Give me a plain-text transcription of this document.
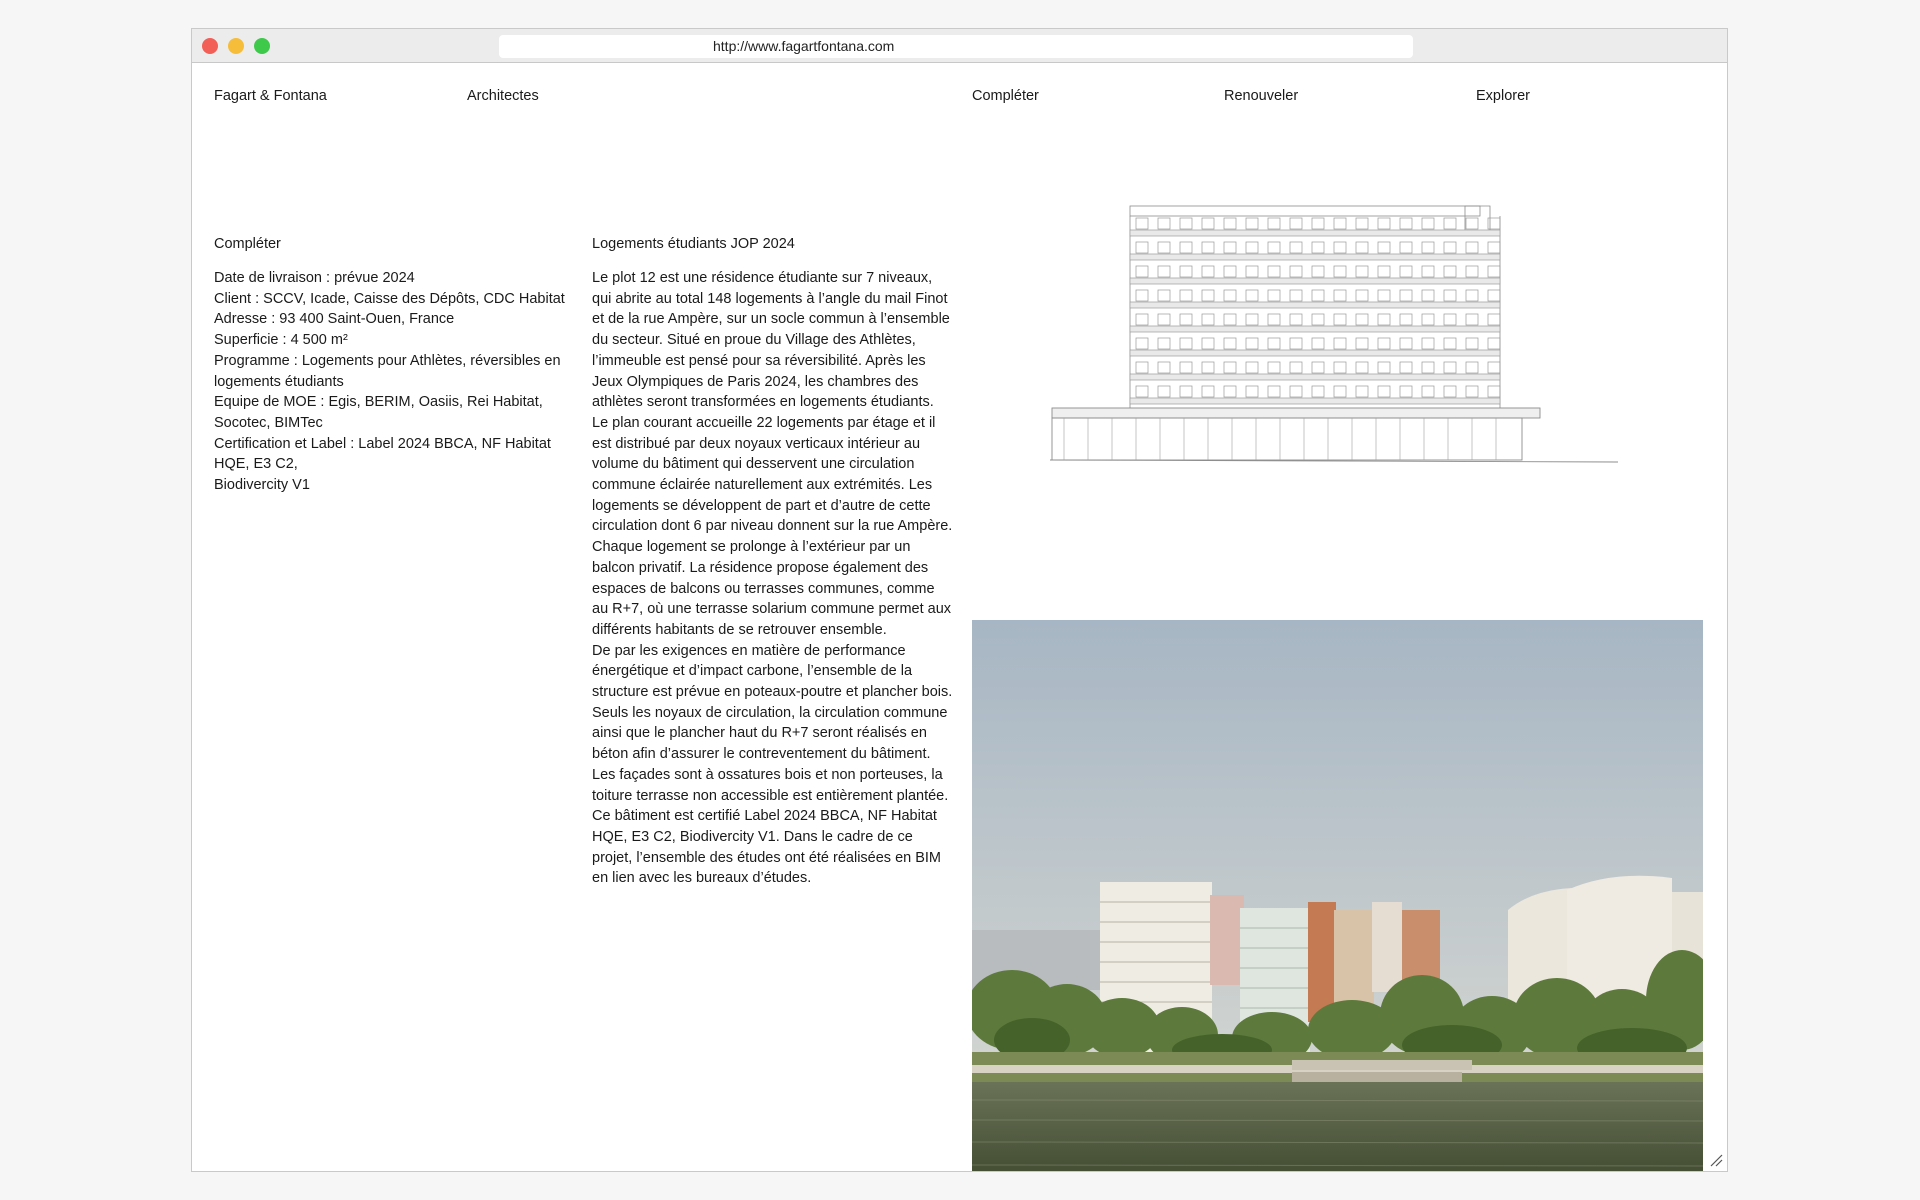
http://www.fagartfontana.com
Fagart & Fontana	Architectes	Compléter	Renouveler	Explorer
Compléter
Date de livraison : prévue 2024
Client : SCCV, Icade, Caisse des Dépôts, CDC Habitat
Adresse : 93 400 Saint-Ouen, France
Superficie : 4 500 m²
Programme : Logements pour Athlètes, réversibles en logements étudiants
Equipe de MOE : Egis, BERIM, Oasiis, Rei Habitat, Socotec, BIMTec
Certification et Label : Label 2024 BBCA, NF Habitat HQE, E3 C2,
Biodivercity V1
Logements étudiants JOP 2024

Le plot 12 est une résidence étudiante sur 7 niveaux, qui abrite au total 148 logements à l’angle du mail Finot et de la rue Ampère, sur un socle commun à l’ensemble du secteur. Situé en proue du Village des Athlètes, l’immeuble est pensé pour sa réversibilité. Après les Jeux Olympiques de Paris 2024, les chambres des athlètes seront transformées en logements étudiants.

Le plan courant accueille 22 logements par étage et il est distribué par deux noyaux verticaux intérieur au volume du bâtiment qui desservent une circulation commune éclairée naturellement aux extrémités. Les logements se développent de part et d’autre de cette circulation dont 6 par niveau donnent sur la rue Ampère. Chaque logement se prolonge à l’extérieur par un balcon privatif. La résidence propose également des espaces de balcons ou terrasses communes, comme au R+7, où une terrasse solarium commune permet aux différents habitants de se retrouver ensemble.

De par les exigences en matière de performance énergétique et d’impact carbone, l’ensemble de la structure est prévue en poteaux-poutre et plancher bois. Seuls les noyaux de circulation, la circulation commune ainsi que le plancher haut du R+7 seront réalisés en béton afin d’assurer le contreventement du bâtiment. Les façades sont à ossatures bois et non porteuses, la toiture terrasse non accessible est entièrement plantée. Ce bâtiment est certifié Label 2024 BBCA, NF Habitat HQE, E3 C2, Biodivercity V1. Dans le cadre de ce projet, l’ensemble des études ont été réalisées en BIM en lien avec les bureaux d’études.
